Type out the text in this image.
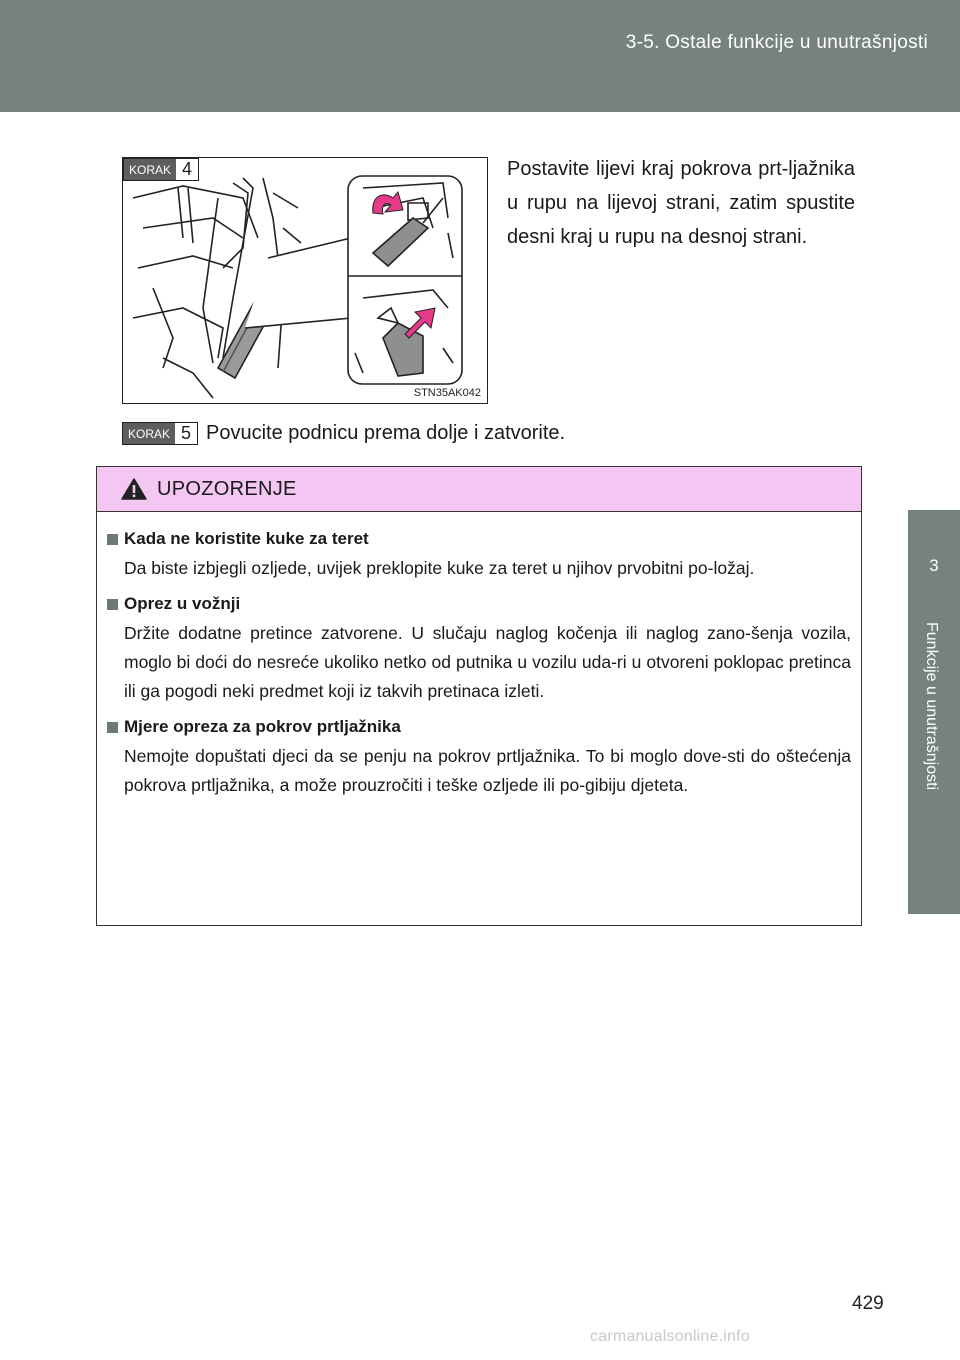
3-5. Ostale funkcije u unutrašnjosti
3
Funkcije u unutrašnjosti
KORAK 4
STN35AK042
Postavite lijevi kraj pokrova prt-ljažnika u rupu na lijevoj strani, zatim spustite desni kraj u rupu na desnoj strani.
KORAK 5 Povucite podnicu prema dolje i zatvorite.
UPOZORENJE
Kada ne koristite kuke za teret
Da biste izbjegli ozljede, uvijek preklopite kuke za teret u njihov prvobitni po-ložaj.
Oprez u vožnji
Držite dodatne pretince zatvorene. U slučaju naglog kočenja ili naglog zano-šenja vozila, moglo bi doći do nesreće ukoliko netko od putnika u vozilu uda-ri u otvoreni poklopac pretinca ili ga pogodi neki predmet koji iz takvih pretinaca izleti.
Mjere opreza za pokrov prtljažnika
Nemojte dopuštati djeci da se penju na pokrov prtljažnika. To bi moglo dove-sti do oštećenja pokrova prtljažnika, a može prouzročiti i teške ozljede ili po-gibiju djeteta.
429
carmanualsonline.info
